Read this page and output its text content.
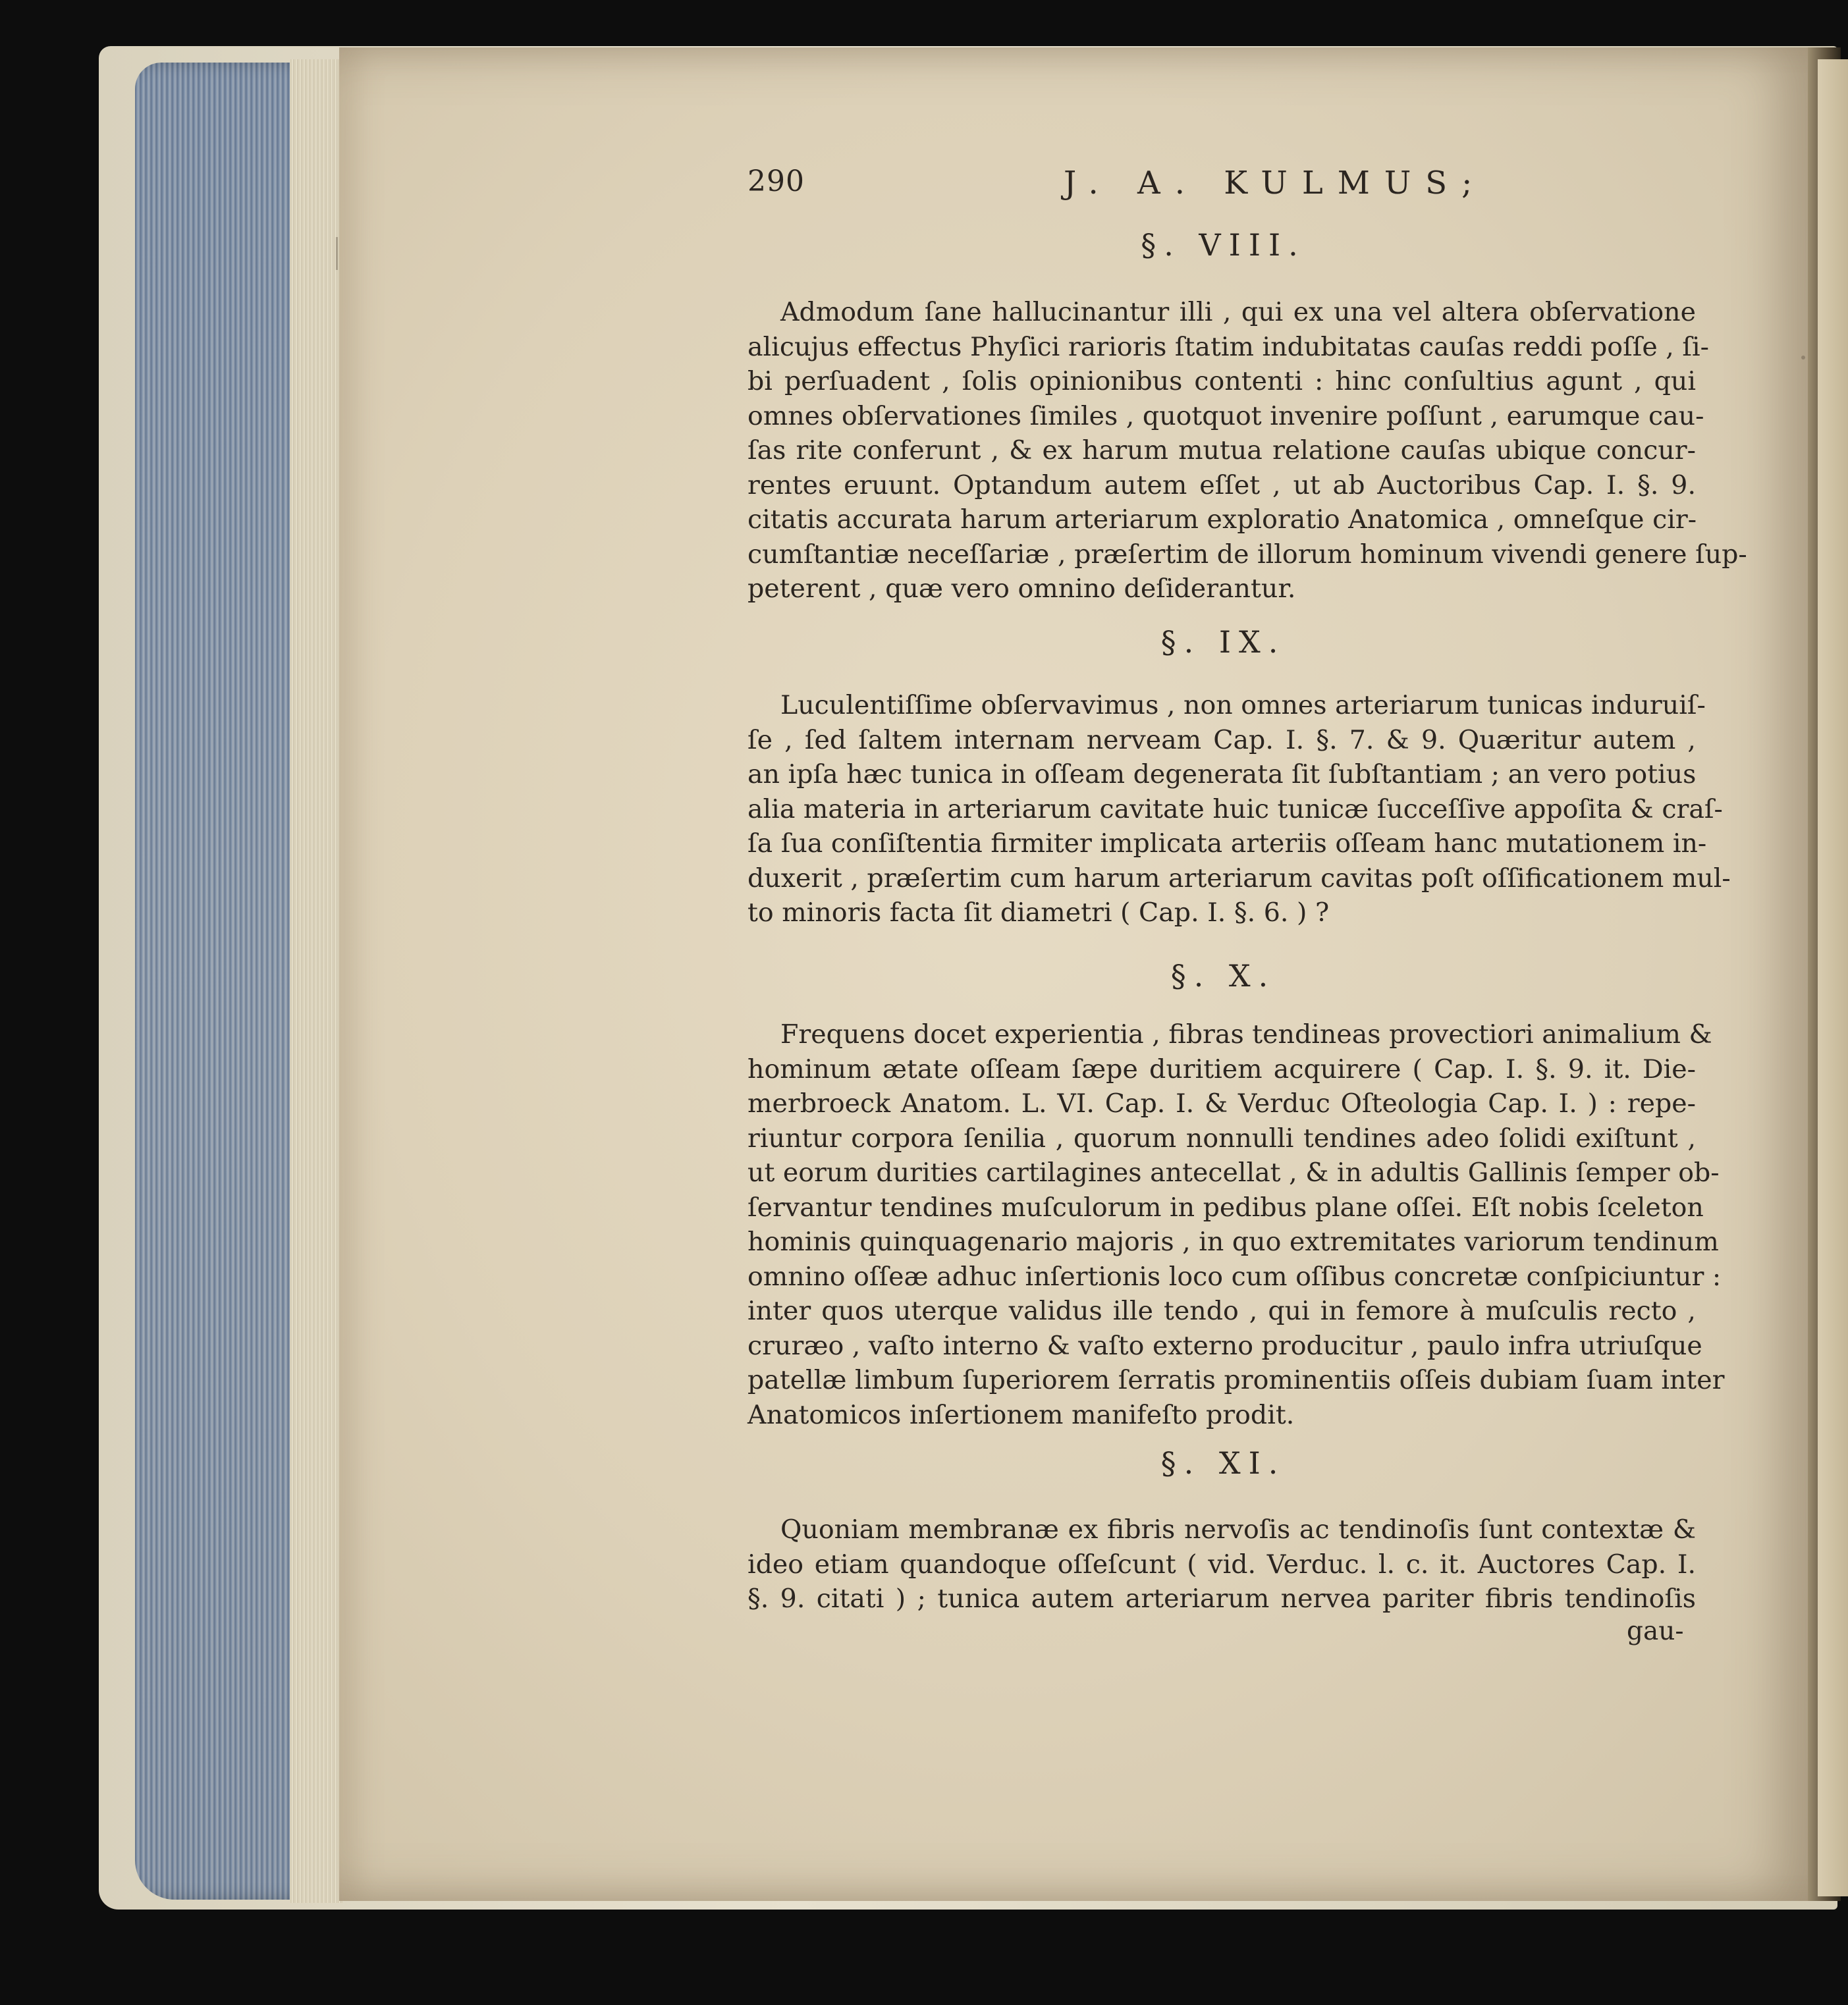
290	J. A. KULMUS;
§. VIII.
Admodum ſane hallucinantur illi , qui ex una vel altera obſervatione
alicujus effectus Phyſici rarioris ſtatim indubitatas cauſas reddi poſſe , ſi-
bi perſuadent , ſolis opinionibus contenti : hinc conſultius agunt , qui
omnes obſervationes ſimiles , quotquot invenire poſſunt , earumque cau-
ſas rite conferunt , & ex harum mutua relatione cauſas ubique concur-
rentes eruunt. Optandum autem eſſet , ut ab Auctoribus Cap. I. §. 9.
citatis accurata harum arteriarum exploratio Anatomica , omneſque cir-
cumſtantiæ neceſſariæ , præſertim de illorum hominum vivendi genere ſup-
peterent , quæ vero omnino deſiderantur.
§. IX.
Luculentiſſime obſervavimus , non omnes arteriarum tunicas induruiſ-
ſe , ſed ſaltem internam nerveam Cap. I. §. 7. & 9. Quæritur autem ,
an ipſa hæc tunica in oſſeam degenerata ſit ſubſtantiam ; an vero potius
alia materia in arteriarum cavitate huic tunicæ ſucceſſive appoſita & craſ-
ſa ſua conſiſtentia firmiter implicata arteriis oſſeam hanc mutationem in-
duxerit , præſertim cum harum arteriarum cavitas poſt oſſificationem mul-
to minoris facta ſit diametri ( Cap. I. §. 6. ) ?
§. X.
Frequens docet experientia , fibras tendineas provectiori animalium &
hominum ætate oſſeam ſæpe duritiem acquirere ( Cap. I. §. 9. it. Die-
merbroeck Anatom. L. VI. Cap. I. & Verduc Oſteologia Cap. I. ) : repe-
riuntur corpora ſenilia , quorum nonnulli tendines adeo ſolidi exiſtunt ,
ut eorum durities cartilagines antecellat , & in adultis Gallinis ſemper ob-
ſervantur tendines muſculorum in pedibus plane oſſei. Eſt nobis ſceleton
hominis quinquagenario majoris , in quo extremitates variorum tendinum
omnino oſſeæ adhuc inſertionis loco cum oſſibus concretæ conſpiciuntur :
inter quos uterque validus ille tendo , qui in femore à muſculis recto ,
cruræo , vaſto interno & vaſto externo producitur , paulo infra utriuſque
patellæ limbum ſuperiorem ſerratis prominentiis oſſeis dubiam ſuam inter
Anatomicos inſertionem manifeſto prodit.
§. XI.
Quoniam membranæ ex fibris nervoſis ac tendinoſis ſunt contextæ &
ideo etiam quandoque oſſeſcunt ( vid. Verduc. l. c. it. Auctores Cap. I.
§. 9. citati ) ; tunica autem arteriarum nervea pariter fibris tendinoſis
gau-
